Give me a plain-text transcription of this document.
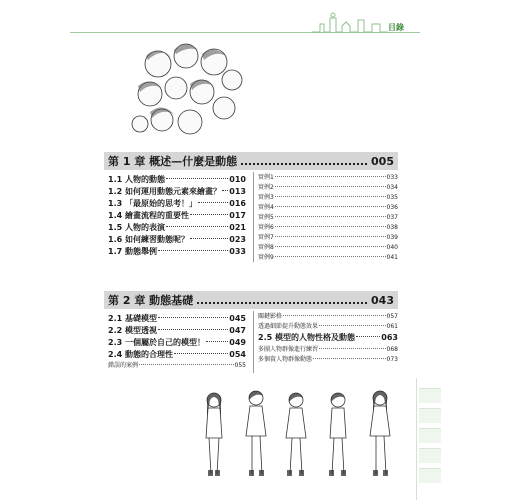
目錄
第 1 章 概述—什麼是動態	005
1.1 人物的動態	010
1.2 如何運用動態元素來繪畫？ 013
1.3 「最原始的思考！」	016
1.4 繪畫流程的重要性	017
1.5 人物的表演	021
1.6 如何練習動態呢？	023
1.7 動態舉例	033
實例1	033
實例2	034
實例3	035
實例4	036
實例5	037
實例6	038
實例7	039
實例8	040
實例9	041
第 2 章 動態基礎	043
2.1 基礎模型	045
2.2 模型透視	047
2.3 一個屬於自己的模型！	049
2.4 動態的合理性	054
錯誤的案例	055
關鍵影格	057
透過細節提升動態效果	061
2.5 模型的人物性格及動態	063
多團人物群像進行練習	068
多個資人物群像動態	073
